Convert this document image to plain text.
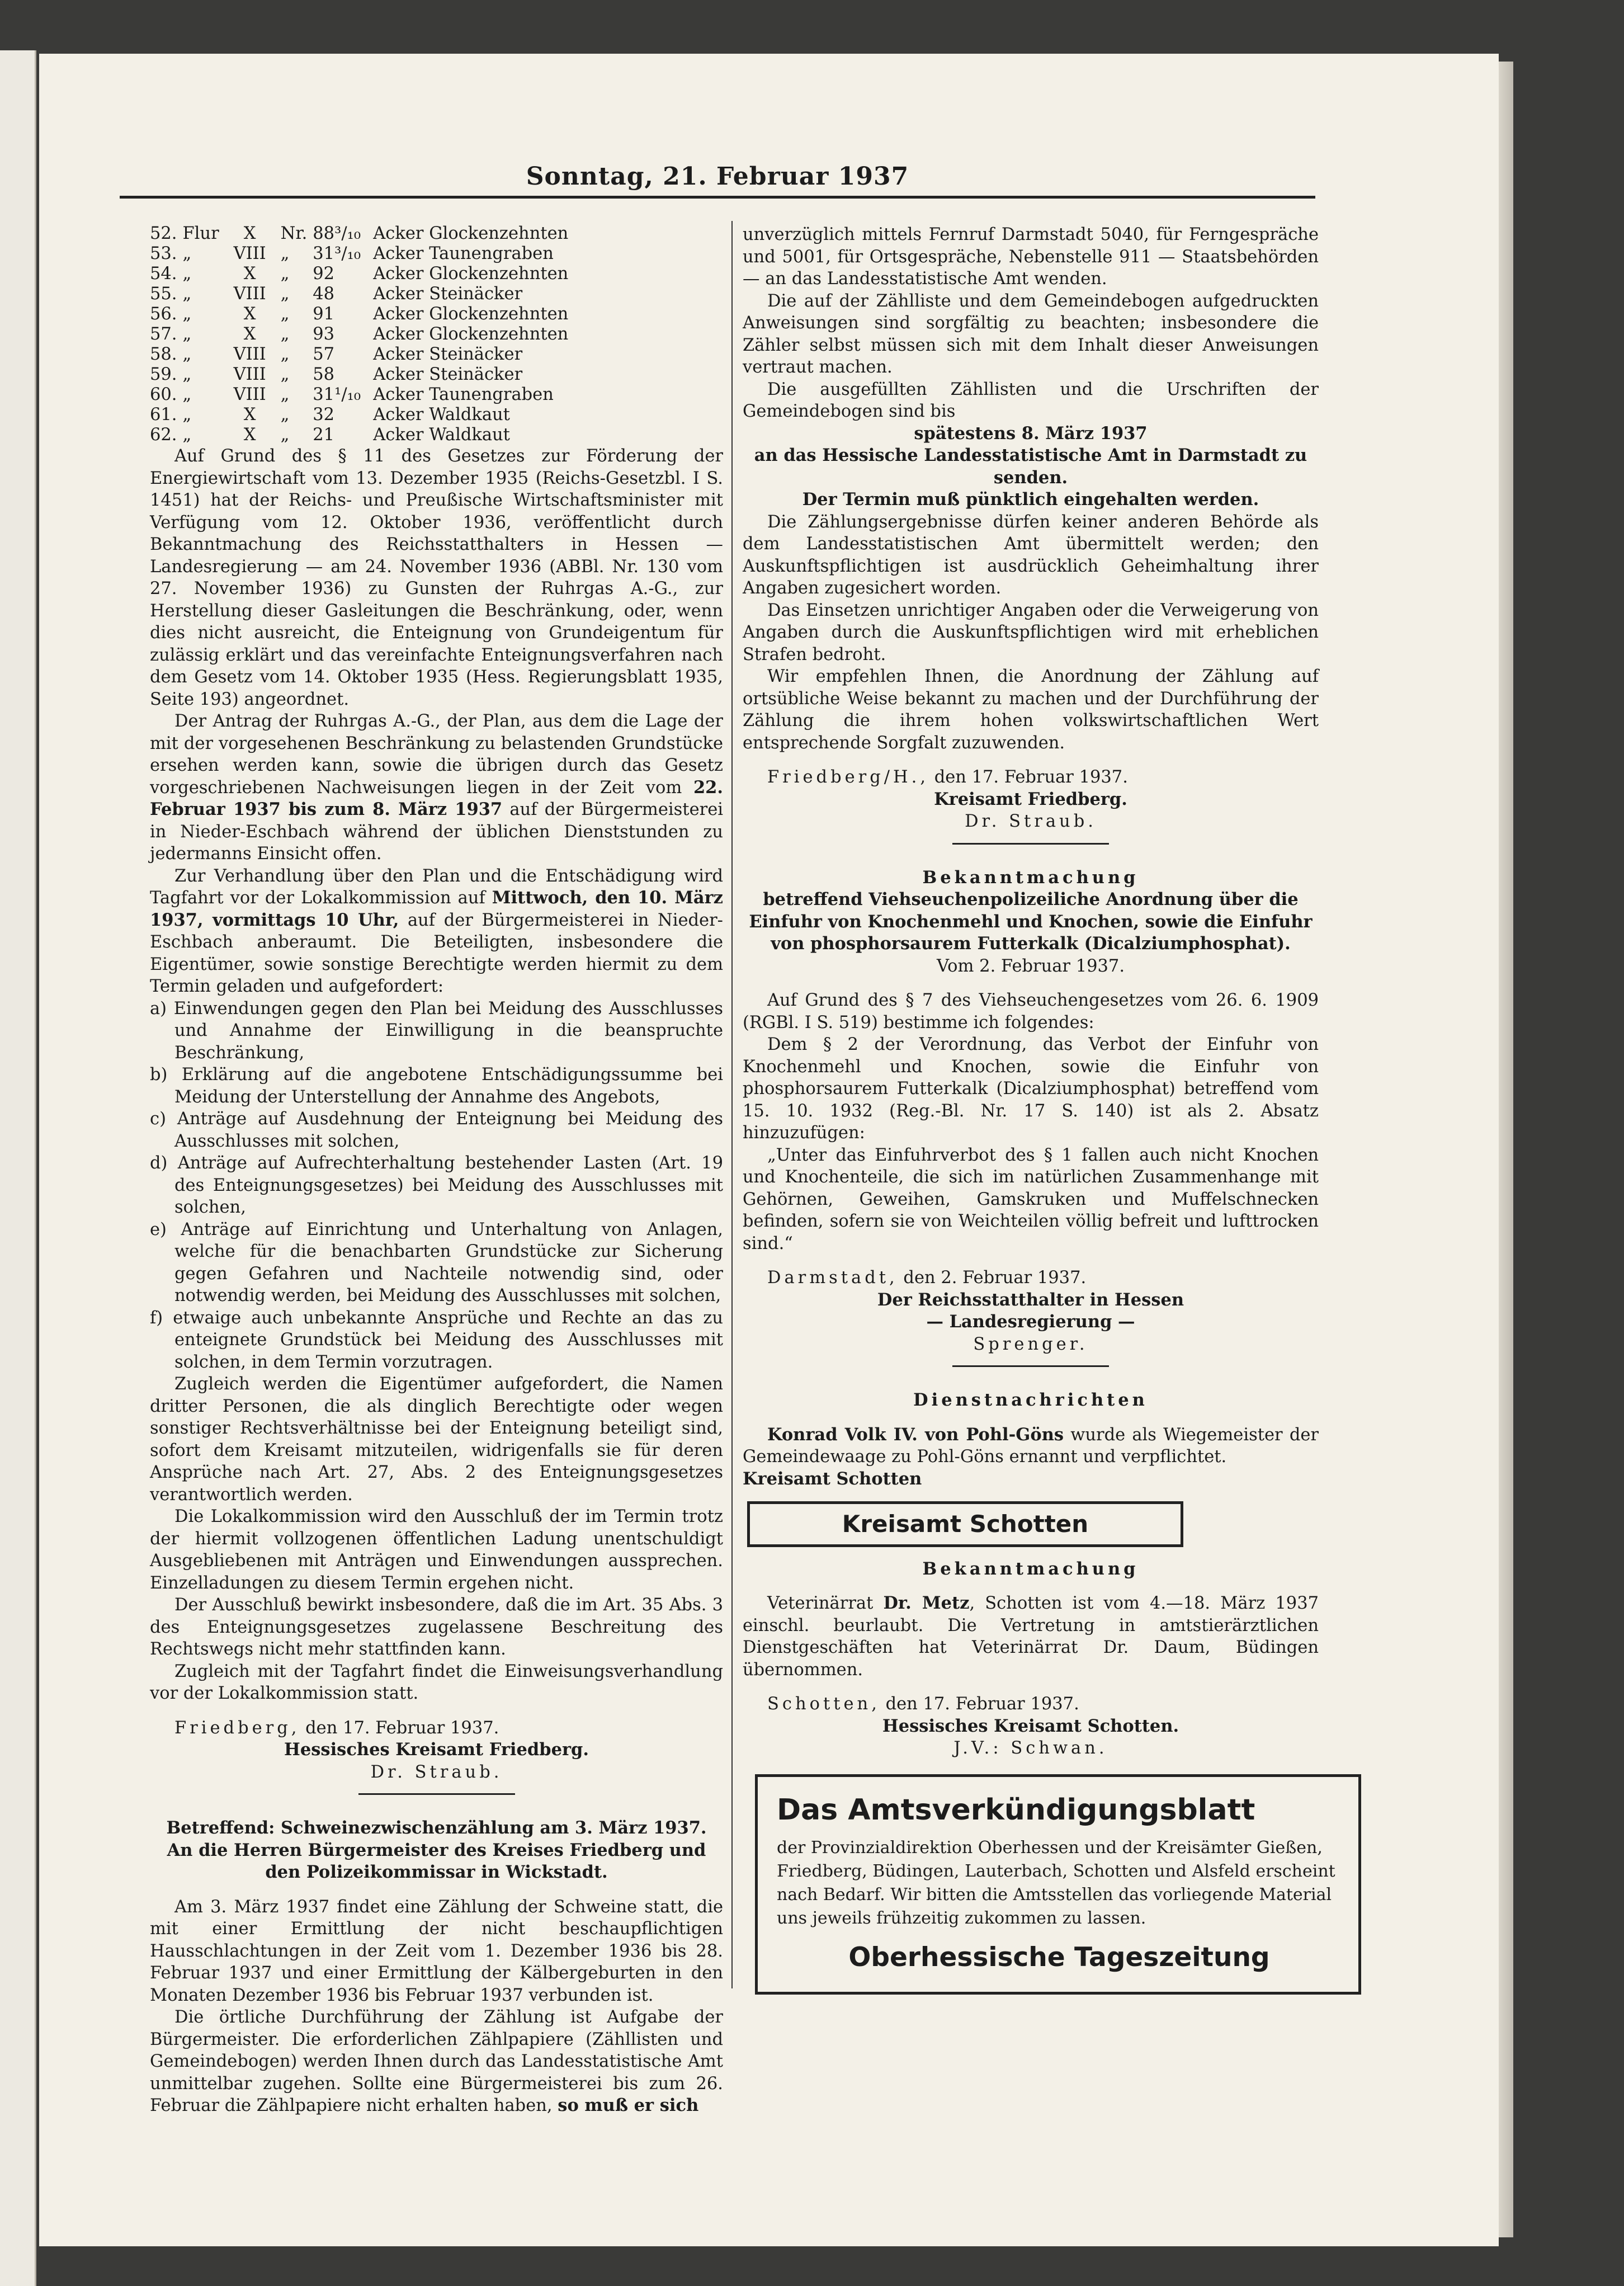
Sonntag, 21. Februar 1937
52.	Flur	X	Nr.	88³/₁₀	Acker Glockenzehnten
53.	„	VIII	„	31³/₁₀	Acker Taunengraben
54.	„	X	„	92	Acker Glockenzehnten
55.	„	VIII	„	48	Acker Steinäcker
56.	„	X	„	91	Acker Glockenzehnten
57.	„	X	„	93	Acker Glockenzehnten
58.	„	VIII	„	57	Acker Steinäcker
59.	„	VIII	„	58	Acker Steinäcker
60.	„	VIII	„	31¹/₁₀	Acker Taunengraben
61.	„	X	„	32	Acker Waldkaut
62.	„	X	„	21	Acker Waldkaut

Auf Grund des § 11 des Gesetzes zur Förderung der Energiewirtschaft vom 13. Dezember 1935 (Reichs-Gesetzbl. I S. 1451) hat der Reichs- und Preußische Wirtschaftsminister mit Verfügung vom 12. Oktober 1936, veröffentlicht durch Bekanntmachung des Reichsstatthalters in Hessen — Landesregierung — am 24. November 1936 (ABBl. Nr. 130 vom 27. November 1936) zu Gunsten der Ruhrgas A.-G., zur Herstellung dieser Gasleitungen die Beschränkung, oder, wenn dies nicht ausreicht, die Enteignung von Grundeigentum für zulässig erklärt und das vereinfachte Enteignungsverfahren nach dem Gesetz vom 14. Oktober 1935 (Hess. Regierungsblatt 1935, Seite 193) angeordnet.

Der Antrag der Ruhrgas A.-G., der Plan, aus dem die Lage der mit der vorgesehenen Beschränkung zu belastenden Grundstücke ersehen werden kann, sowie die übrigen durch das Gesetz vorgeschriebenen Nachweisungen liegen in der Zeit vom 22. Februar 1937 bis zum 8. März 1937 auf der Bürgermeisterei in Nieder-Eschbach während der üblichen Dienststunden zu jedermanns Einsicht offen.

Zur Verhandlung über den Plan und die Entschädigung wird Tagfahrt vor der Lokalkommission auf Mittwoch, den 10. März 1937, vormittags 10 Uhr, auf der Bürgermeisterei in Nieder-Eschbach anberaumt. Die Beteiligten, insbesondere die Eigentümer, sowie sonstige Berechtigte werden hiermit zu dem Termin geladen und aufgefordert:

a) Einwendungen gegen den Plan bei Meidung des Ausschlusses und Annahme der Einwilligung in die beanspruchte Beschränkung,

b) Erklärung auf die angebotene Entschädigungssumme bei Meidung der Unterstellung der Annahme des Angebots,

c) Anträge auf Ausdehnung der Enteignung bei Meidung des Ausschlusses mit solchen,

d) Anträge auf Aufrechterhaltung bestehender Lasten (Art. 19 des Enteignungsgesetzes) bei Meidung des Ausschlusses mit solchen,

e) Anträge auf Einrichtung und Unterhaltung von Anlagen, welche für die benachbarten Grundstücke zur Sicherung gegen Gefahren und Nachteile notwendig sind, oder notwendig werden, bei Meidung des Ausschlusses mit solchen,

f) etwaige auch unbekannte Ansprüche und Rechte an das zu enteignete Grundstück bei Meidung des Ausschlusses mit solchen, in dem Termin vorzutragen.

Zugleich werden die Eigentümer aufgefordert, die Namen dritter Personen, die als dinglich Berechtigte oder wegen sonstiger Rechtsverhältnisse bei der Enteignung beteiligt sind, sofort dem Kreisamt mitzuteilen, widrigenfalls sie für deren Ansprüche nach Art. 27, Abs. 2 des Enteignungsgesetzes verantwortlich werden.

Die Lokalkommission wird den Ausschluß der im Termin trotz der hiermit vollzogenen öffentlichen Ladung unentschuldigt Ausgebliebenen mit Anträgen und Einwendungen aussprechen. Einzelladungen zu diesem Termin ergehen nicht.

Der Ausschluß bewirkt insbesondere, daß die im Art. 35 Abs. 3 des Enteignungsgesetzes zugelassene Beschreitung des Rechtswegs nicht mehr stattfinden kann.

Zugleich mit der Tagfahrt findet die Einweisungsverhandlung vor der Lokalkommission statt.

Friedberg, den 17. Februar 1937.

Hessisches Kreisamt Friedberg.

Dr. Straub.

Betreffend: Schweinezwischenzählung am 3. März 1937.

An die Herren Bürgermeister des Kreises Friedberg und den Polizeikommissar in Wickstadt.

Am 3. März 1937 findet eine Zählung der Schweine statt, die mit einer Ermittlung der nicht beschaupflichtigen Hausschlachtungen in der Zeit vom 1. Dezember 1936 bis 28. Februar 1937 und einer Ermittlung der Kälbergeburten in den Monaten Dezember 1936 bis Februar 1937 verbunden ist.

Die örtliche Durchführung der Zählung ist Aufgabe der Bürgermeister. Die erforderlichen Zählpapiere (Zähllisten und Gemeindebogen) werden Ihnen durch das Landesstatistische Amt unmittelbar zugehen. Sollte eine Bürgermeisterei bis zum 26. Februar die Zählpapiere nicht erhalten haben, so muß er sich

unverzüglich mittels Fernruf Darmstadt 5040, für Ferngespräche und 5001, für Ortsgespräche, Nebenstelle 911 — Staatsbehörden — an das Landesstatistische Amt wenden.

Die auf der Zählliste und dem Gemeindebogen aufgedruckten Anweisungen sind sorgfältig zu beachten; insbesondere die Zähler selbst müssen sich mit dem Inhalt dieser Anweisungen vertraut machen.

Die ausgefüllten Zähllisten und die Urschriften der Gemeindebogen sind bis

spätestens 8. März 1937

an das Hessische Landesstatistische Amt in Darmstadt zu senden.

Der Termin muß pünktlich eingehalten werden.

Die Zählungsergebnisse dürfen keiner anderen Behörde als dem Landesstatistischen Amt übermittelt werden; den Auskunftspflichtigen ist ausdrücklich Geheimhaltung ihrer Angaben zugesichert worden.

Das Einsetzen unrichtiger Angaben oder die Verweigerung von Angaben durch die Auskunftspflichtigen wird mit erheblichen Strafen bedroht.

Wir empfehlen Ihnen, die Anordnung der Zählung auf ortsübliche Weise bekannt zu machen und der Durchführung der Zählung die ihrem hohen volkswirtschaftlichen Wert entsprechende Sorgfalt zuzuwenden.

Friedberg/H., den 17. Februar 1937.

Kreisamt Friedberg.

Dr. Straub.

Bekanntmachung

betreffend Viehseuchenpolizeiliche Anordnung über die Einfuhr von Knochenmehl und Knochen, sowie die Einfuhr von phosphorsaurem Futterkalk (Dicalziumphosphat).

Vom 2. Februar 1937.

Auf Grund des § 7 des Viehseuchengesetzes vom 26. 6. 1909 (RGBl. I S. 519) bestimme ich folgendes:

Dem § 2 der Verordnung, das Verbot der Einfuhr von Knochenmehl und Knochen, sowie die Einfuhr von phosphorsaurem Futterkalk (Dicalziumphosphat) betreffend vom 15. 10. 1932 (Reg.-Bl. Nr. 17 S. 140) ist als 2. Absatz hinzuzufügen:

„Unter das Einfuhrverbot des § 1 fallen auch nicht Knochen und Knochenteile, die sich im natürlichen Zusammenhange mit Gehörnen, Geweihen, Gamskruken und Muffelschnecken befinden, sofern sie von Weichteilen völlig befreit und lufttrocken sind.“

Darmstadt, den 2. Februar 1937.

Der Reichsstatthalter in Hessen

— Landesregierung —

Sprenger.

Dienstnachrichten

Konrad Volk IV. von Pohl-Göns wurde als Wiegemeister der Gemeindewaage zu Pohl-Göns ernannt und verpflichtet.

Kreisamt Schotten

Kreisamt Schotten

Bekanntmachung

Veterinärrat Dr. Metz, Schotten ist vom 4.—18. März 1937 einschl. beurlaubt. Die Vertretung in amtstierärztlichen Dienstgeschäften hat Veterinärrat Dr. Daum, Büdingen übernommen.

Schotten, den 17. Februar 1937.

Hessisches Kreisamt Schotten.

J.V.: Schwan.

Das Amtsverkündigungsblatt
der Provinzialdirektion Oberhessen und der Kreisämter Gießen, Friedberg, Büdingen, Lauterbach, Schotten und Alsfeld erscheint nach Bedarf. Wir bitten die Amtsstellen das vorliegende Material uns jeweils frühzeitig zukommen zu lassen.
Oberhessische Tageszeitung
